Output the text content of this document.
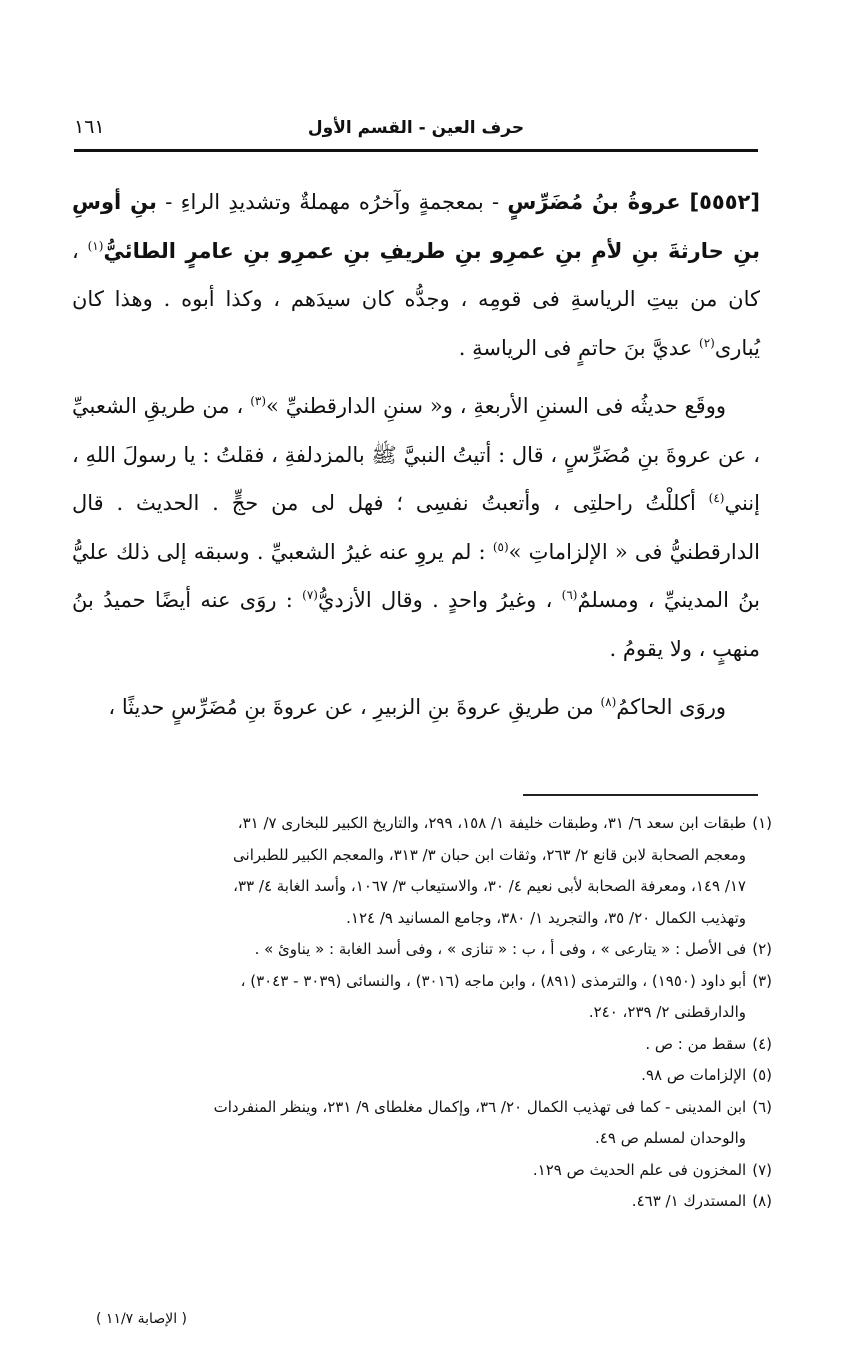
حرف العين - القسم الأول
١٦١

[٥٥٥٢] عروةُ بنُ مُضَرِّسٍ - بمعجمةٍ وآخرُه مهملةٌ وتشديدِ الراءِ - بنِ أوسِ بنِ حارثةَ بنِ لأمِ بنِ عمرِو بنِ طريفِ بنِ عمرِو بنِ عامرٍ الطائيُّ$^{(١)}$ ، كان من بيتِ الرياسةِ فى قومِه ، وجدُّه كان سيدَهم ، وكذا أبوه . وهذا كان يُبارى$^{(٢)}$ عديَّ بنَ حاتمٍ فى الرياسةِ .

ووقَع حديثُه فى السننِ الأربعةِ ، و« سننِ الدارقطنيِّ »$^{(٣)}$ ، من طريقِ الشعبيِّ ، عن عروةَ بنِ مُضَرِّسٍ ، قال : أتيتُ النبيَّ ﷺ بالمزدلفةِ ، فقلتُ : يا رسولَ اللهِ ، إنني$^{(٤)}$ أكللْتُ راحلتِى ، وأتعبتُ نفسِى ؛ فهل لى من حجٍّ . الحديث . قال الدارقطنيُّ فى « الإلزاماتِ »$^{(٥)}$ : لم يروِ عنه غيرُ الشعبيِّ . وسبقه إلى ذلك عليُّ بنُ المدينيِّ ، ومسلمٌ$^{(٦)}$ ، وغيرُ واحدٍ . وقال الأزديُّ$^{(٧)}$ : روَى عنه أيضًا حميدُ بنُ منهبٍ ، ولا يقومُ .

وروَى الحاكمُ$^{(٨)}$ من طريقِ عروةَ بنِ الزبيرِ ، عن عروةَ بنِ مُضَرِّسٍ حديثًا ،

(١)طبقات ابن سعد ٦/ ٣١، وطبقات خليفة ١/ ١٥٨، ٢٩٩، والتاريخ الكبير للبخارى ٧/ ٣١،
ومعجم الصحابة لابن قانع ٢/ ٢٦٣، وثقات ابن حبان ٣/ ٣١٣، والمعجم الكبير للطبرانى
١٧/ ١٤٩، ومعرفة الصحابة لأبى نعيم ٤/ ٣٠، والاستيعاب ٣/ ١٠٦٧، وأسد الغابة ٤/ ٣٣،
وتهذيب الكمال ٢٠/ ٣٥، والتجريد ١/ ٣٨٠، وجامع المسانيد ٩/ ١٢٤.
(٢)فى الأصل : « يتارعى » ، وفى أ ، ب : « تنازى » ، وفى أسد الغابة : « يناوئ » .
(٣)أبو داود (١٩٥٠) ، والترمذى (٨٩١) ، وابن ماجه (٣٠١٦) ، والنسائى (٣٠٣٩ - ٣٠٤٣) ،
والدارقطنى ٢/ ٢٣٩، ٢٤٠.
(٤)سقط من : ص .
(٥)الإلزامات ص ٩٨.
(٦)ابن المدينى - كما فى تهذيب الكمال ٢٠/ ٣٦، وإكمال مغلطاى ٩/ ٢٣١، وينظر المنفردات
والوحدان لمسلم ص ٤٩.
(٧)المخزون فى علم الحديث ص ١٢٩.
(٨)المستدرك ١/ ٤٦٣.
( الإصابة ١١/٧ )
